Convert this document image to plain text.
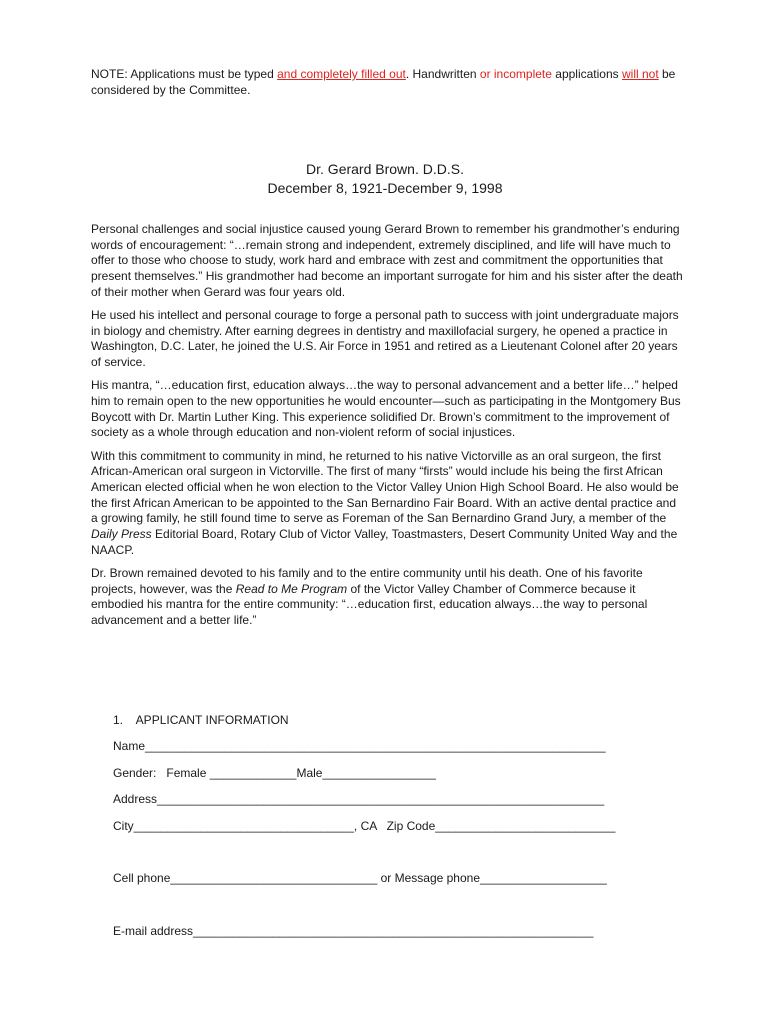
NOTE: Applications must be typed and completely filled out. Handwritten or incomplete applications will not be considered by the Committee.
Dr. Gerard Brown. D.D.S.
December 8, 1921-December 9, 1998

Personal challenges and social injustice caused young Gerard Brown to remember his grandmother’s enduring words of encouragement: “…remain strong and independent, extremely disciplined, and life will have much to offer to those who choose to study, work hard and embrace with zest and commitment the opportunities that present themselves.” His grandmother had become an important surrogate for him and his sister after the death of their mother when Gerard was four years old.

He used his intellect and personal courage to forge a personal path to success with joint undergraduate majors in biology and chemistry. After earning degrees in dentistry and maxillofacial surgery, he opened a practice in Washington, D.C. Later, he joined the U.S. Air Force in 1951 and retired as a Lieutenant Colonel after 20 years of service.

His mantra, “…education first, education always…the way to personal advancement and a better life…” helped him to remain open to the new opportunities he would encounter—such as participating in the Montgomery Bus Boycott with Dr. Martin Luther King. This experience solidified Dr. Brown’s commitment to the improvement of society as a whole through education and non-violent reform of social injustices.

With this commitment to community in mind, he returned to his native Victorville as an oral surgeon, the first African-American oral surgeon in Victorville. The first of many “firsts” would include his being the first African American elected official when he won election to the Victor Valley Union High School Board. He also would be the first African American to be appointed to the San Bernardino Fair Board. With an active dental practice and a growing family, he still found time to serve as Foreman of the San Bernardino Grand Jury, a member of the Daily Press Editorial Board, Rotary Club of Victor Valley, Toastmasters, Desert Community United Way and the NAACP.

Dr. Brown remained devoted to his family and to the entire community until his death. One of his favorite projects, however, was the Read to Me Program of the Victor Valley Chamber of Commerce because it embodied his mantra for the entire community: “…education first, education always…the way to personal advancement and a better life.”

1.    APPLICANT INFORMATION
Name_____________________________________________________________________
Gender:   Female _____________Male_________________
Address___________________________________________________________________
City_________________________________, CA   Zip Code___________________________
Cell phone_______________________________ or Message phone___________________
E-mail address____________________________________________________________
